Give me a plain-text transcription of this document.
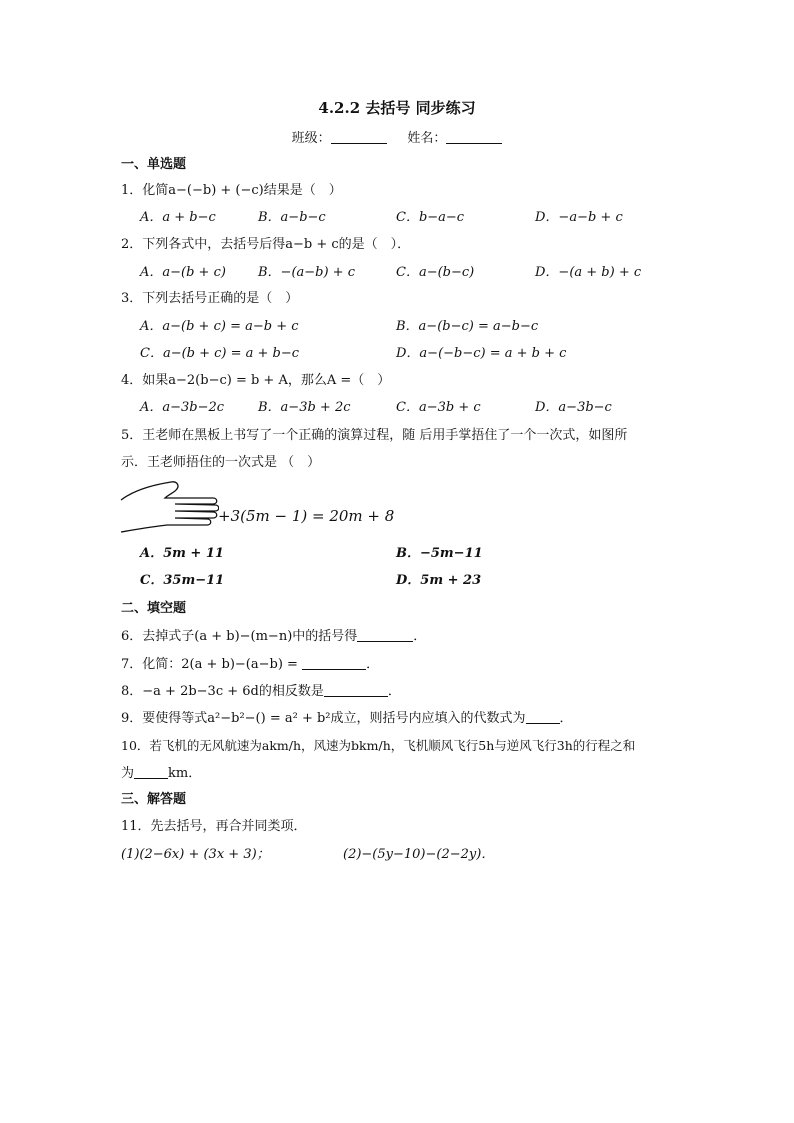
4.2.2 去括号 同步练习
班级：	姓名：
一、单选题
1．化简a−(−b) + (−c)结果是（　）
A．a + b−c	B．a−b−c	C．b−a−c	D．−a−b + c
2．下列各式中，去括号后得a−b + c的是（　）．
A．a−(b + c) B．−(a−b) + c	C．a−(b−c)	D．−(a + b) + c
3．下列去括号正确的是（　）
A．a−(b + c) = a−b + c	B．a−(b−c) = a−b−c
C．a−(b + c) = a + b−c	D．a−(−b−c) = a + b + c
4．如果a−2(b−c) = b + A，那么A =（　）
A．a−3b−2c	B．a−3b + 2c	C．a−3b + c	D．a−3b−c
5．王老师在黑板上书写了一个正确的演算过程，随 后用手掌捂住了一个一次式，如图所
示．王老师捂住的一次式是 （　）
+3(5m − 1) = 20m + 8
A．5m + 11	B．−5m−11
C．35m−11	D．5m + 23
二、填空题
6．去掉式子(a + b)−(m−n)中的括号得	．
7．化简：2(a + b)−(a−b) =	．
8．−a + 2b−3c + 6d的相反数是	．
9．要使得等式a²−b²−() = a² + b²成立，则括号内应填入的代数式为	．
10．若飞机的无风航速为akm/h，风速为bkm/h，飞机顺风飞行5h与逆风飞行3h的行程之和
为	km．
三、解答题
11．先去括号，再合并同类项．
(1)(2−6x) + (3x + 3)；	(2)−(5y−10)−(2−2y)．
